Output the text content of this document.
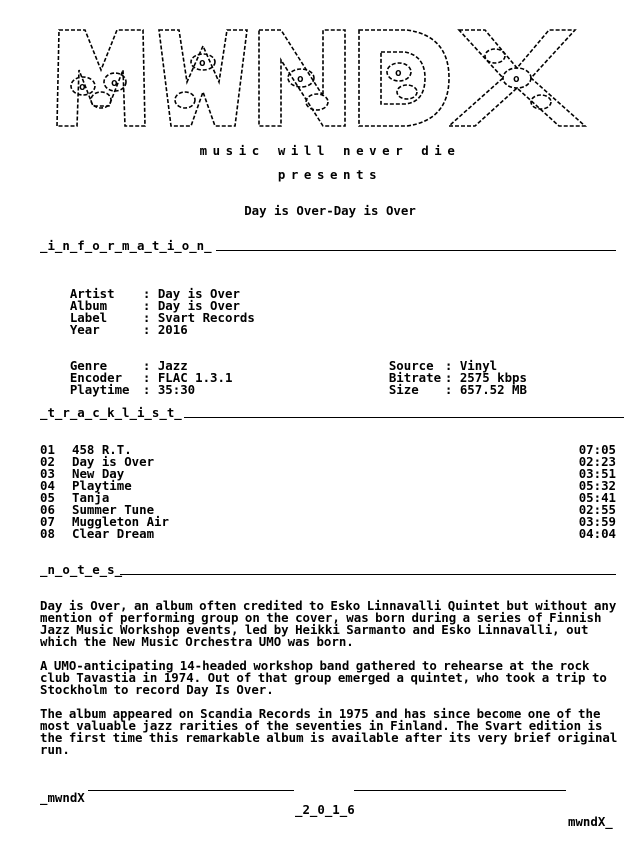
o o
o
o	o	o
music will never die
presents
Day is Over-Day is Over
_i_n_f_o_r_m_a_t_i_o_n_

Artist : Day is Over

Album	: Day is Over

Label	: Svart Records

Year	: 2016

Genre	: Jazz

Encoder : FLAC 1.3.1

Playtime : 35:30

Source : Vinyl

Bitrate : 2575 kbps

Size : 657.52 MB

_t_r_a_c_k_l_i_s_t_
01 458 R.T.	07:05
02 Day is Over	02:23
03 New Day	03:51
04 Playtime	05:32
05 Tanja	05:41
06 Summer Tune	02:55
07 Muggleton Air	03:59
08 Clear Dream	04:04
_n_o_t_e_s_
Day is Over, an album often credited to Esko Linnavalli Quintet but without any mention of performing group on the cover, was born during a series of Finnish Jazz Music Workshop events, led by Heikki Sarmanto and Esko Linnavalli, out which the New Music Orchestra UMO was born.
A UMO-anticipating 14-headed workshop band gathered to rehearse at the rock club Tavastia in 1974. Out of that group emerged a quintet, who took a trip to Stockholm to record Day Is Over.
The album appeared on Scandia Records in 1975 and has since become one of the most valuable jazz rarities of the seventies in Finland. The Svart edition is the first time this remarkable album is available after its very brief original run.

_mwndX

_2_0_1_6

mwndX_
